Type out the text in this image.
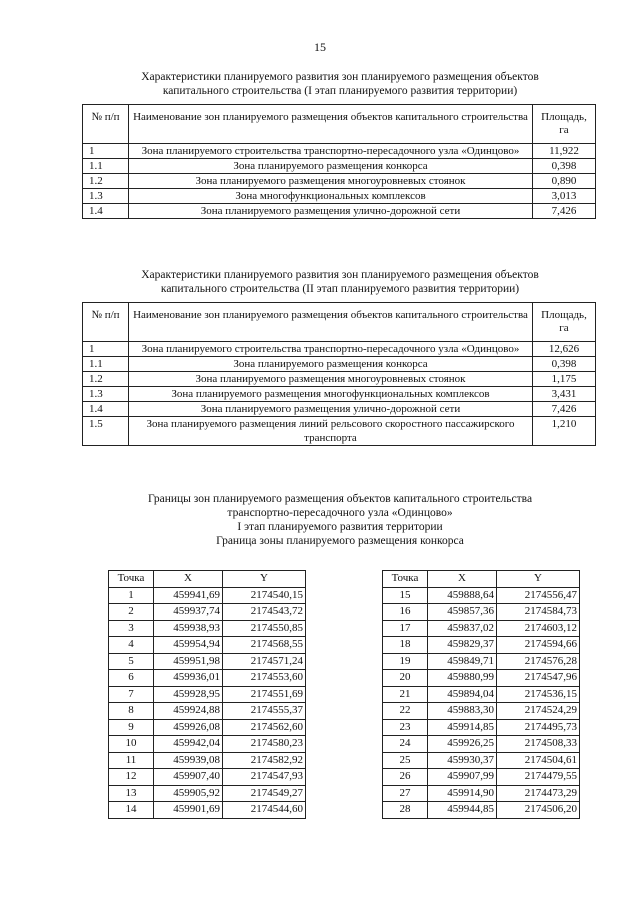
15
Характеристики планируемого развития зон планируемого размещения объектов
капитального строительства (I этап планируемого развития территории)
№ п/п	Наименование зон планируемого размещения объектов капитального строительства	Площадь, га
1	Зона планируемого строительства транспортно-пересадочного узла «Одинцово»	11,922
1.1	Зона планируемого размещения конкорса	0,398
1.2	Зона планируемого размещения многоуровневых стоянок	0,890
1.3	Зона многофункциональных комплексов	3,013
1.4	Зона планируемого размещения улично-дорожной сети	7,426
Характеристики планируемого развития зон планируемого размещения объектов
капитального строительства (II этап планируемого развития территории)
№ п/п	Наименование зон планируемого размещения объектов капитального строительства	Площадь, га
1	Зона планируемого строительства транспортно-пересадочного узла «Одинцово»	12,626
1.1	Зона планируемого размещения конкорса	0,398
1.2	Зона планируемого размещения многоуровневых стоянок	1,175
1.3	Зона планируемого размещения многофункциональных комплексов	3,431
1.4	Зона планируемого размещения улично-дорожной сети	7,426
1.5	Зона планируемого размещения линий рельсового скоростного пассажирского транспорта	1,210
Границы зон планируемого размещения объектов капитального строительства
транспортно-пересадочного узла «Одинцово»
I этап планируемого развития территории
Граница зоны планируемого размещения конкорса
Точка	X	Y
1	459941,69	2174540,15
2	459937,74	2174543,72
3	459938,93	2174550,85
4	459954,94	2174568,55
5	459951,98	2174571,24
6	459936,01	2174553,60
7	459928,95	2174551,69
8	459924,88	2174555,37
9	459926,08	2174562,60
10	459942,04	2174580,23
11	459939,08	2174582,92
12	459907,40	2174547,93
13	459905,92	2174549,27
14	459901,69	2174544,60
Точка	X	Y
15	459888,64	2174556,47
16	459857,36	2174584,73
17	459837,02	2174603,12
18	459829,37	2174594,66
19	459849,71	2174576,28
20	459880,99	2174547,96
21	459894,04	2174536,15
22	459883,30	2174524,29
23	459914,85	2174495,73
24	459926,25	2174508,33
25	459930,37	2174504,61
26	459907,99	2174479,55
27	459914,90	2174473,29
28	459944,85	2174506,20
